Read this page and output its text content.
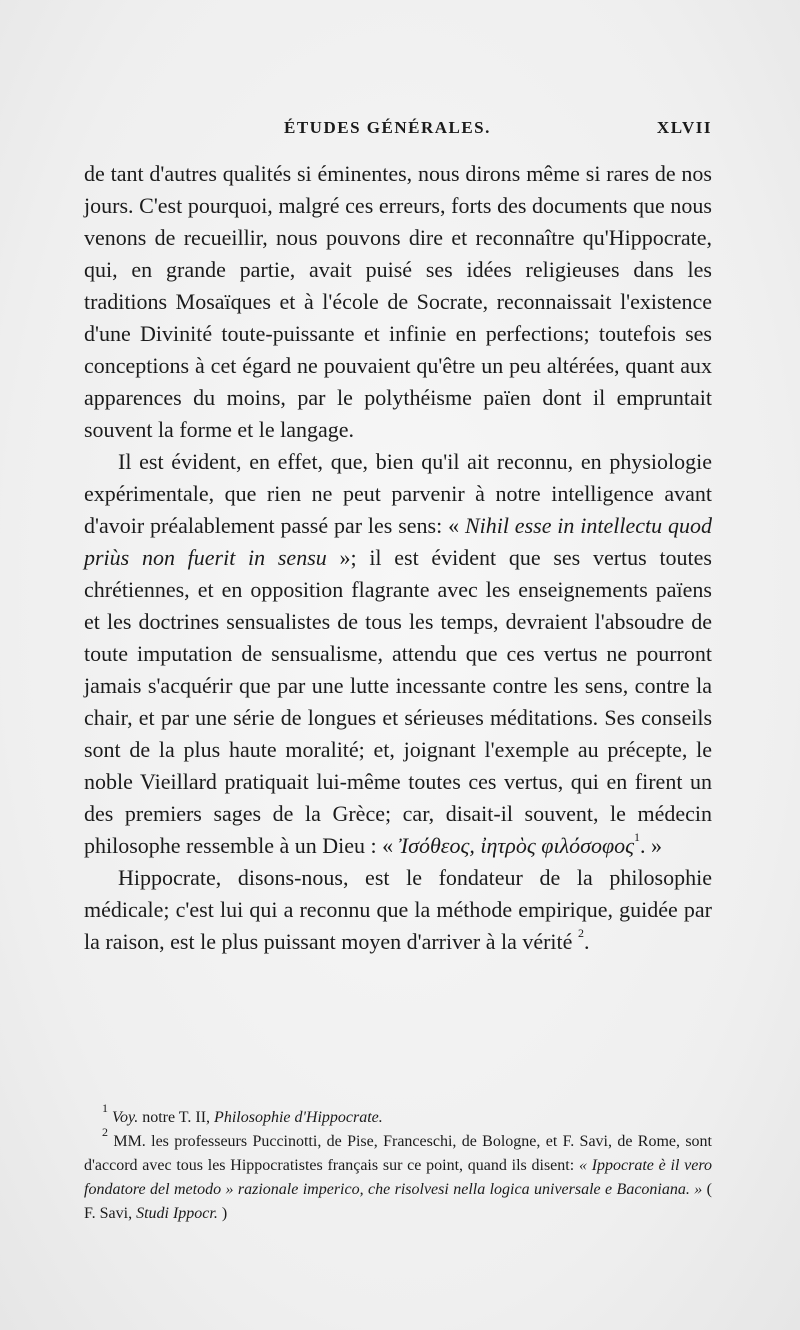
ÉTUDES GÉNÉRALES.	XLVII

de tant d'autres qualités si éminentes, nous dirons même si rares de nos jours. C'est pourquoi, malgré ces erreurs, forts des documents que nous venons de recueillir, nous pouvons dire et reconnaître qu'Hippocrate, qui, en grande partie, avait puisé ses idées religieuses dans les traditions Mosaïques et à l'école de Socrate, reconnaissait l'existence d'une Divinité toute-puissante et infinie en perfections; toutefois ses conceptions à cet égard ne pouvaient qu'être un peu altérées, quant aux apparences du moins, par le polythéisme païen dont il empruntait souvent la forme et le langage.

Il est évident, en effet, que, bien qu'il ait reconnu, en physiologie expérimentale, que rien ne peut parvenir à notre intelligence avant d'avoir préalablement passé par les sens: « Nihil esse in intellectu quod priùs non fuerit in sensu »; il est évident que ses vertus toutes chrétiennes, et en opposition flagrante avec les enseignements païens et les doctrines sensualistes de tous les temps, devraient l'absoudre de toute imputation de sensualisme, attendu que ces vertus ne pourront jamais s'acquérir que par une lutte incessante contre les sens, contre la chair, et par une série de longues et sérieuses méditations. Ses conseils sont de la plus haute moralité; et, joignant l'exemple au précepte, le noble Vieillard pratiquait lui-même toutes ces vertus, qui en firent un des premiers sages de la Grèce; car, disait-il souvent, le médecin philosophe ressemble à un Dieu : « Ἰσόθεος, ἰητρὸς φιλόσοφος$^1$. »

Hippocrate, disons-nous, est le fondateur de la philosophie médicale; c'est lui qui a reconnu que la méthode empirique, guidée par la raison, est le plus puissant moyen d'arriver à la vérité $^2$.

$^1$ Voy. notre T. II, Philosophie d'Hippocrate.

$^2$ MM. les professeurs Puccinotti, de Pise, Franceschi, de Bologne, et F. Savi, de Rome, sont d'accord avec tous les Hippocratistes français sur ce point, quand ils disent: « Ippocrate è il vero fondatore del metodo » razionale imperico, che risolvesi nella logica universale e Baconiana. » ( F. Savi, Studi Ippocr. )
